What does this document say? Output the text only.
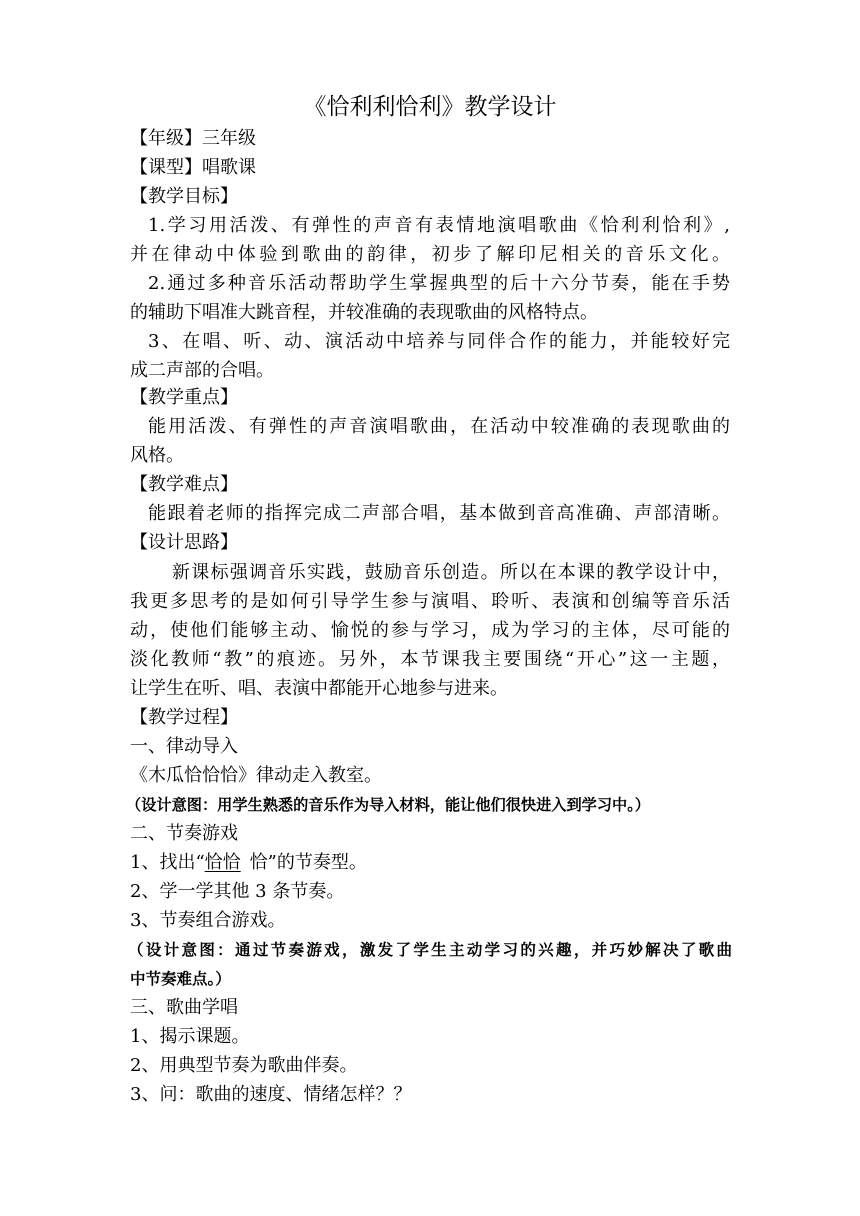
《恰利利恰利》教学设计
【年级】三年级
【课型】唱歌课
【教学目标】
1.学习用活泼、有弹性的声音有表情地演唱歌曲《恰利利恰利》,
并在律动中体验到歌曲的韵律，初步了解印尼相关的音乐文化。
2.通过多种音乐活动帮助学生掌握典型的后十六分节奏，能在手势
的辅助下唱准大跳音程，并较准确的表现歌曲的风格特点。
3、在唱、听、动、演活动中培养与同伴合作的能力，并能较好完
成二声部的合唱。
【教学重点】
能用活泼、有弹性的声音演唱歌曲，在活动中较准确的表现歌曲的
风格。
【教学难点】
能跟着老师的指挥完成二声部合唱，基本做到音高准确、声部清晰。
【设计思路】
新课标强调音乐实践，鼓励音乐创造。所以在本课的教学设计中，
我更多思考的是如何引导学生参与演唱、聆听、表演和创编等音乐活
动，使他们能够主动、愉悦的参与学习，成为学习的主体，尽可能的
淡化教师“教”的痕迹。另外，本节课我主要围绕“开心”这一主题，
让学生在听、唱、表演中都能开心地参与进来。
【教学过程】
一、律动导入
《木瓜恰恰恰》律动走入教室。
（设计意图：用学生熟悉的音乐作为导入材料，能让他们很快进入到学习中。）
二、节奏游戏
1、找出“恰恰 恰”的节奏型。
2、学一学其他 3 条节奏。
3、节奏组合游戏。
（设计意图：通过节奏游戏，激发了学生主动学习的兴趣，并巧妙解决了歌曲
中节奏难点。）
三、歌曲学唱
1、揭示课题。
2、用典型节奏为歌曲伴奏。
3、问：歌曲的速度、情绪怎样？？
